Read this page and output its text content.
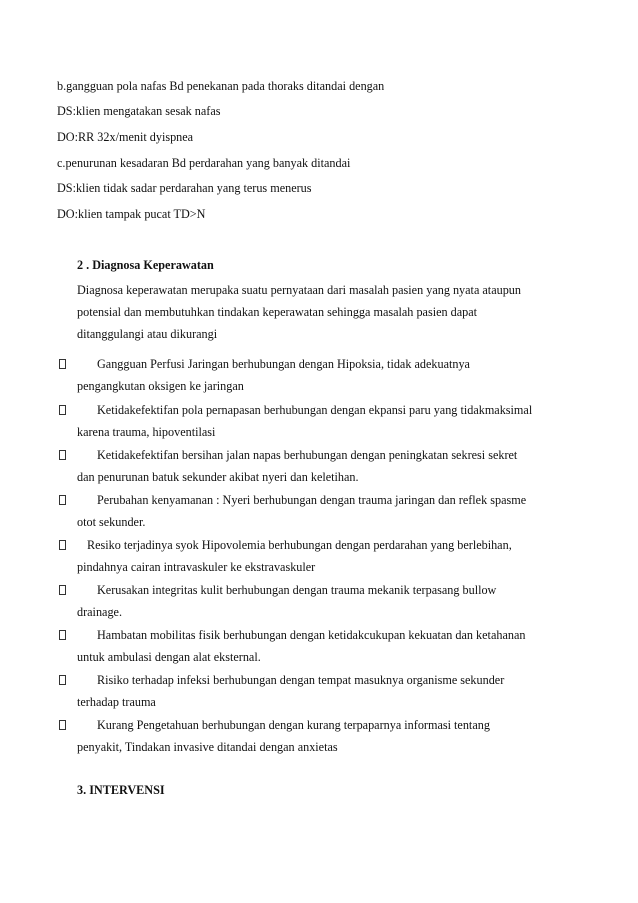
b.gangguan pola nafas Bd penekanan pada thoraks ditandai dengan

DS:klien mengatakan sesak nafas

DO:RR 32x/menit dyispnea

c.penurunan kesadaran Bd perdarahan yang banyak ditandai

DS:klien tidak sadar perdarahan yang terus menerus

DO:klien tampak pucat TD>N

2 . Diagnosa Keperawatan

Diagnosa keperawatan merupaka suatu pernyataan dari masalah pasien yang nyata ataupun

potensial dan membutuhkan tindakan keperawatan sehingga masalah pasien dapat

ditanggulangi atau dikurangi

Gangguan Perfusi Jaringan berhubungan dengan Hipoksia, tidak adekuatnya

pengangkutan oksigen ke jaringan

Ketidakefektifan pola pernapasan berhubungan dengan ekpansi paru yang tidakmaksimal

karena trauma, hipoventilasi

Ketidakefektifan bersihan jalan napas berhubungan dengan peningkatan sekresi sekret

dan penurunan batuk sekunder akibat nyeri dan keletihan.

Perubahan kenyamanan : Nyeri berhubungan dengan trauma jaringan dan reflek spasme

otot sekunder.

Resiko terjadinya syok Hipovolemia berhubungan dengan perdarahan yang berlebihan,

pindahnya cairan intravaskuler ke ekstravaskuler

Kerusakan integritas kulit berhubungan dengan trauma mekanik terpasang bullow

drainage.

Hambatan mobilitas fisik berhubungan dengan ketidakcukupan kekuatan dan ketahanan

untuk ambulasi dengan alat eksternal.

Risiko terhadap infeksi berhubungan dengan tempat masuknya organisme sekunder

terhadap trauma

Kurang Pengetahuan berhubungan dengan kurang terpaparnya informasi tentang

penyakit, Tindakan invasive ditandai dengan anxietas

3. INTERVENSI
